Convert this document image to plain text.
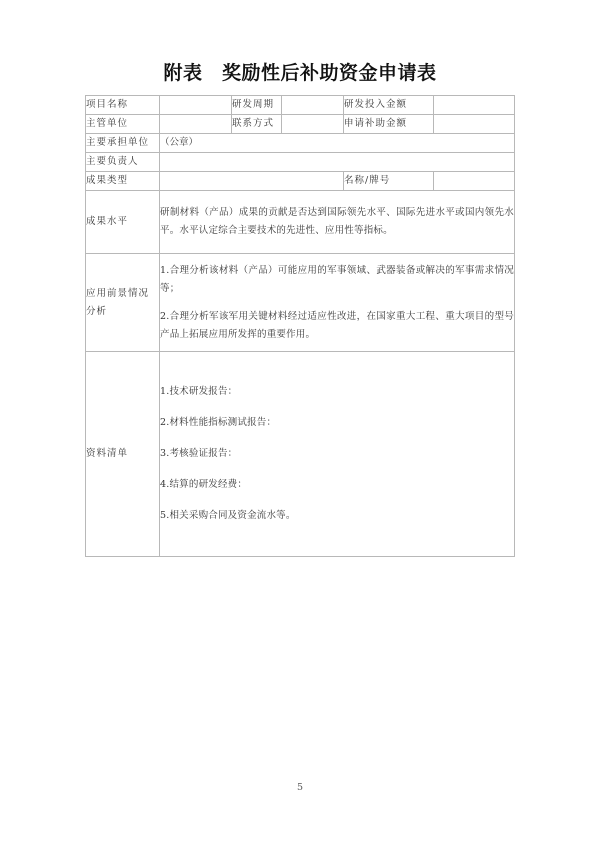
附表　奖励性后补助资金申请表
项目名称		研发周期		研发投入金额	
主管单位		联系方式		申请补助金额	
主要承担单位	（公章）				
主要负责人					
成果类型				名称/牌号	
成果水平	研制材料（产品）成果的贡献是否达到国际领先水平、国际先进水平或国内领先水平。水平认定综合主要技术的先进性、应用性等指标。				

应用前景情况分析	1.合理分析该材料（产品）可能应用的军事领域、武器装备或解决的军事需求情况等；

2.合理分析军该军用关键材料经过适应性改进，在国家重大工程、重大项目的型号产品上拓展应用所发挥的重要作用。				

资料清单	1.技术研发报告：
2.材料性能指标测试报告：
3.考核验证报告：
4.结算的研发经费：
5.相关采购合同及资金流水等。				
5
